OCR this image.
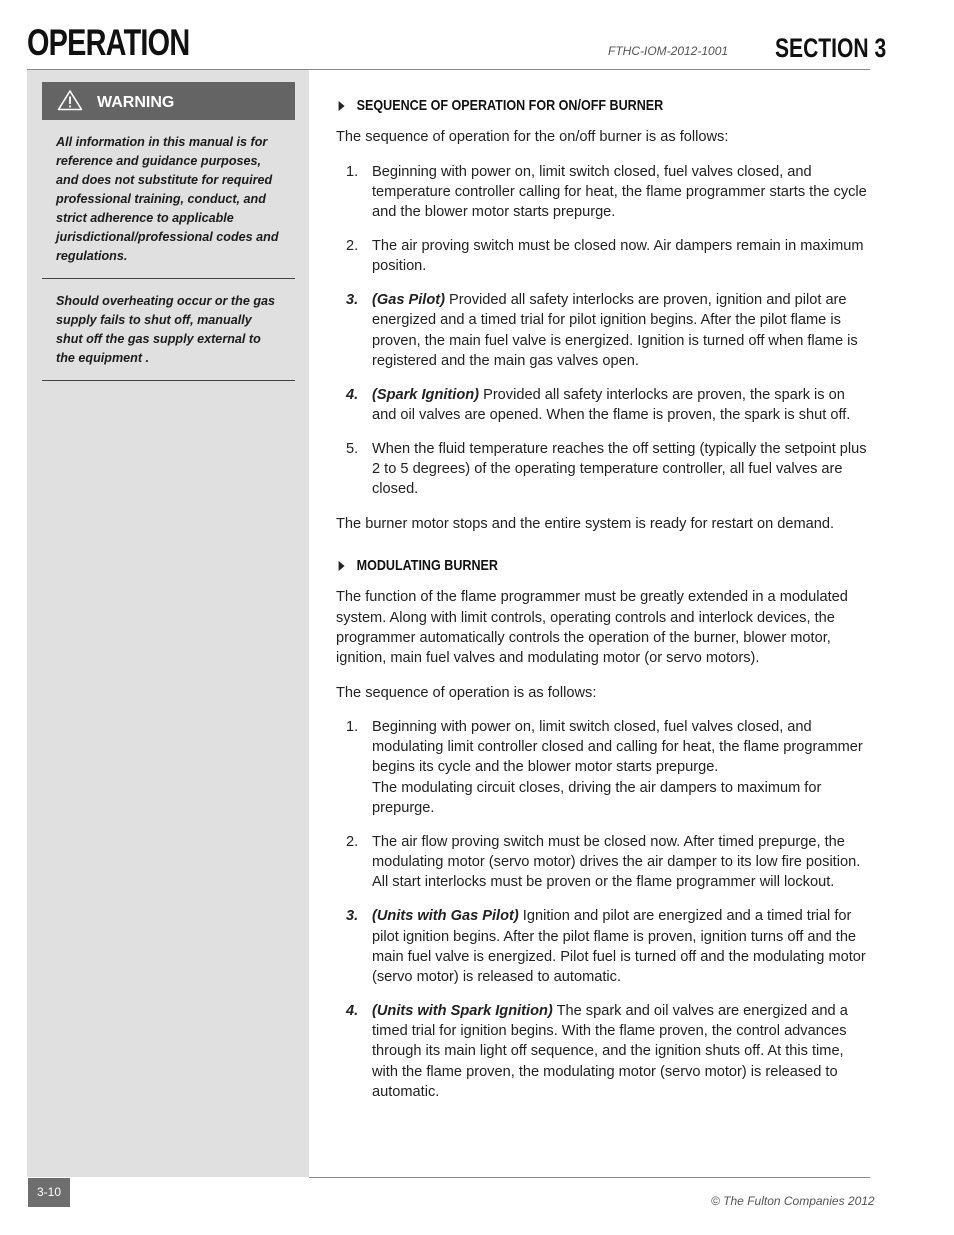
OPERATION	FTHC-IOM-2012-1001 SECTION 3
WARNING

All information in this manual is for reference and guidance purposes, and does not substitute for required professional training, conduct, and strict adherence to applicable jurisdictional/professional codes and regulations.

Should overheating occur or the gas supply fails to shut off, manually shut off the gas supply external to the equipment .

SEQUENCE OF OPERATION FOR ON/OFF BURNER

The sequence of operation for the on/off burner is as follows:

1. Beginning with power on, limit switch closed, fuel valves closed, and temperature controller calling for heat, the flame programmer starts the cycle and the blower motor starts prepurge.
2. The air proving switch must be closed now. Air dampers remain in maximum position.
3. (Gas Pilot) Provided all safety interlocks are proven, ignition and pilot are energized and a timed trial for pilot ignition begins. After the pilot flame is proven, the main fuel valve is energized. Ignition is turned off when flame is registered and the main gas valves open.
4. (Spark Ignition) Provided all safety interlocks are proven, the spark is on and oil valves are opened. When the flame is proven, the spark is shut off.
5. When the fluid temperature reaches the off setting (typically the setpoint plus 2 to 5 degrees) of the operating temperature controller, all fuel valves are closed.

The burner motor stops and the entire system is ready for restart on demand.

MODULATING BURNER

The function of the flame programmer must be greatly extended in a modulated system. Along with limit controls, operating controls and interlock devices, the programmer automatically controls the operation of the burner, blower motor, ignition, main fuel valves and modulating motor (or servo motors).

The sequence of operation is as follows:

1. Beginning with power on, limit switch closed, fuel valves closed, and modulating limit controller closed and calling for heat, the flame programmer begins its cycle and the blower motor starts prepurge.
The modulating circuit closes, driving the air dampers to maximum for prepurge.
2. The air flow proving switch must be closed now. After timed prepurge, the modulating motor (servo motor) drives the air damper to its low fire position. All start interlocks must be proven or the flame programmer will lockout.
3. (Units with Gas Pilot) Ignition and pilot are energized and a timed trial for pilot ignition begins. After the pilot flame is proven, ignition turns off and the main fuel valve is energized. Pilot fuel is turned off and the modulating motor (servo motor) is released to automatic.
4. (Units with Spark Ignition) The spark and oil valves are energized and a timed trial for ignition begins. With the flame proven, the control advances through its main light off sequence, and the ignition shuts off. At this time, with the flame proven, the modulating motor (servo motor) is released to automatic.
3-10
© The Fulton Companies 2012
